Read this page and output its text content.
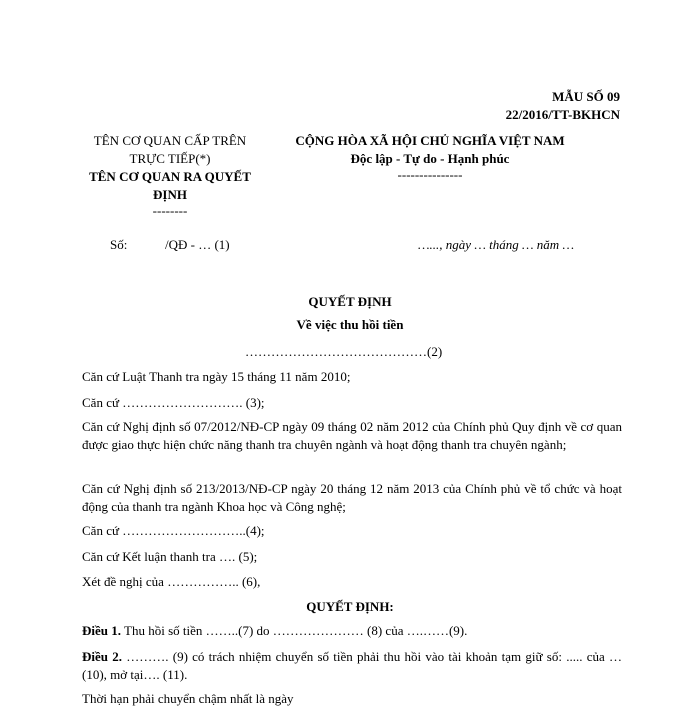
MẪU SỐ 09
22/2016/TT-BKHCN
TÊN CƠ QUAN CẤP TRÊN
TRỰC TIẾP(*)
TÊN CƠ QUAN RA QUYẾT
ĐỊNH
--------
CỘNG HÒA XÃ HỘI CHỦ NGHĨA VIỆT NAM
Độc lập - Tự do - Hạnh phúc
---------------
Số:	/QĐ - … (1)	…..., ngày … tháng … năm …
QUYẾT ĐỊNH
Về việc thu hồi tiền
……………………………………(2)
Căn cứ Luật Thanh tra ngày 15 tháng 11 năm 2010;
Căn cứ ………………………. (3);
Căn cứ Nghị định số 07/2012/NĐ-CP ngày 09 tháng 02 năm 2012 của Chính phủ Quy định về cơ quan được giao thực hiện chức năng thanh tra chuyên ngành và hoạt động thanh tra chuyên ngành;
Căn cứ Nghị định số 213/2013/NĐ-CP ngày 20 tháng 12 năm 2013 của Chính phủ về tổ chức và hoạt động của thanh tra ngành Khoa học và Công nghệ;
Căn cứ ………………………..(4);
Căn cứ Kết luận thanh tra …. (5);
Xét đề nghị của …………….. (6),
QUYẾT ĐỊNH:
Điều 1. Thu hồi số tiền ……..(7) do ………………… (8) của ….……(9).
Điều 2. ………. (9) có trách nhiệm chuyển số tiền phải thu hồi vào tài khoản tạm giữ số: ..... của … (10), mở tại…. (11).
Thời hạn phải chuyển chậm nhất là ngày
